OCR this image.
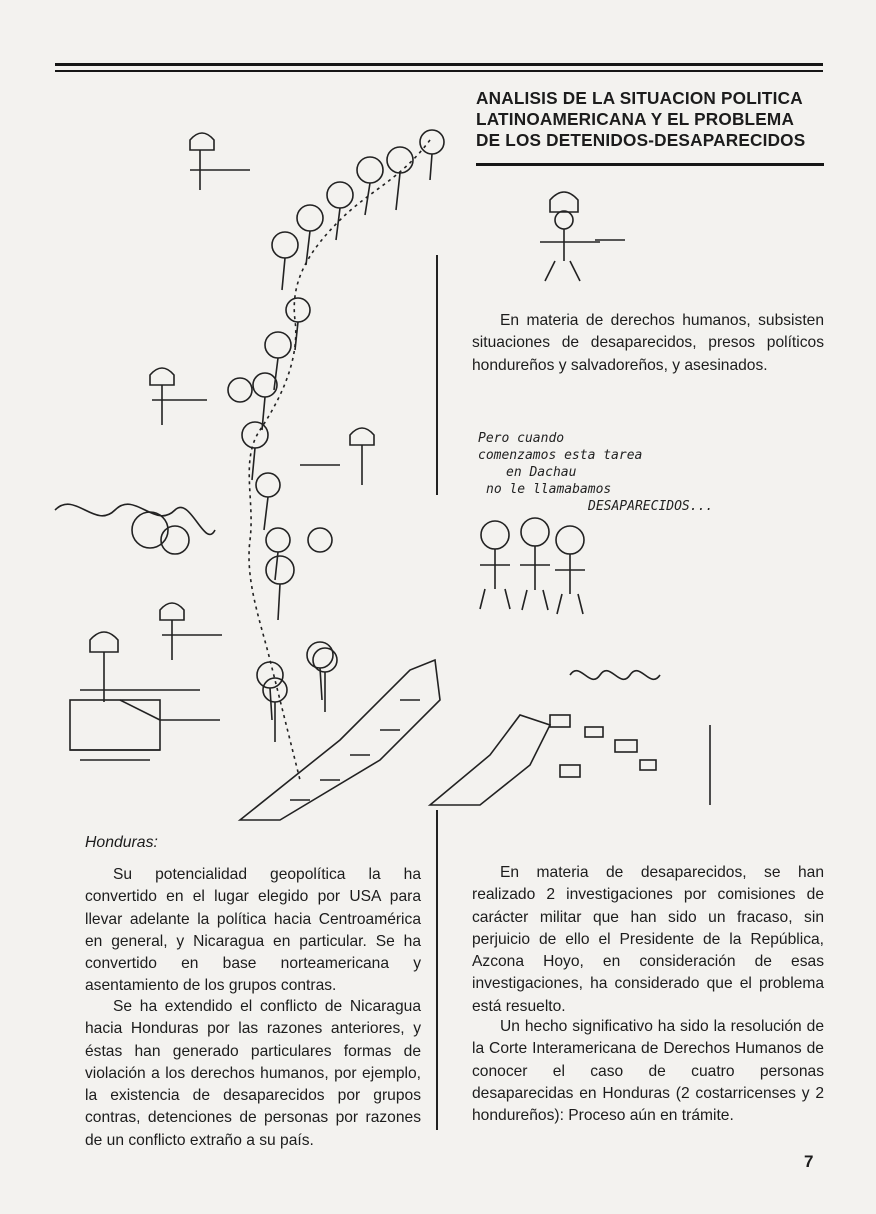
ANALISIS DE LA SITUACION POLITICA
LATINOAMERICANA Y EL PROBLEMA
DE LOS DETENIDOS-DESAPARECIDOS

En materia de derechos humanos, subsisten situaciones de desaparecidos, presos políticos hondureños y salvadoreños, y asesinados.

Pero cuando
comenzamos esta tarea
en Dachau
no le llamabamos
DESAPARECIDOS...

Honduras:

Su potencialidad geopolítica la ha convertido en el lugar elegido por USA para llevar adelante la política hacia Centroamérica en general, y Nicaragua en particular. Se ha convertido en base norteamericana y asentamiento de los grupos contras.

Se ha extendido el conflicto de Nicaragua hacia Honduras por las razones anteriores, y éstas han generado particulares formas de violación a los derechos humanos, por ejemplo, la existencia de desaparecidos por grupos contras, detenciones de personas por razones de un conflicto extraño a su país.

En materia de desaparecidos, se han realizado 2 investigaciones por comisiones de carácter militar que han sido un fracaso, sin perjuicio de ello el Presidente de la República, Azcona Hoyo, en consideración de esas investigaciones, ha considerado que el problema está resuelto.

Un hecho significativo ha sido la resolución de la Corte Interamericana de Derechos Humanos de conocer el caso de cuatro personas desaparecidas en Honduras (2 costarricenses y 2 hondureños): Proceso aún en trámite.

7
